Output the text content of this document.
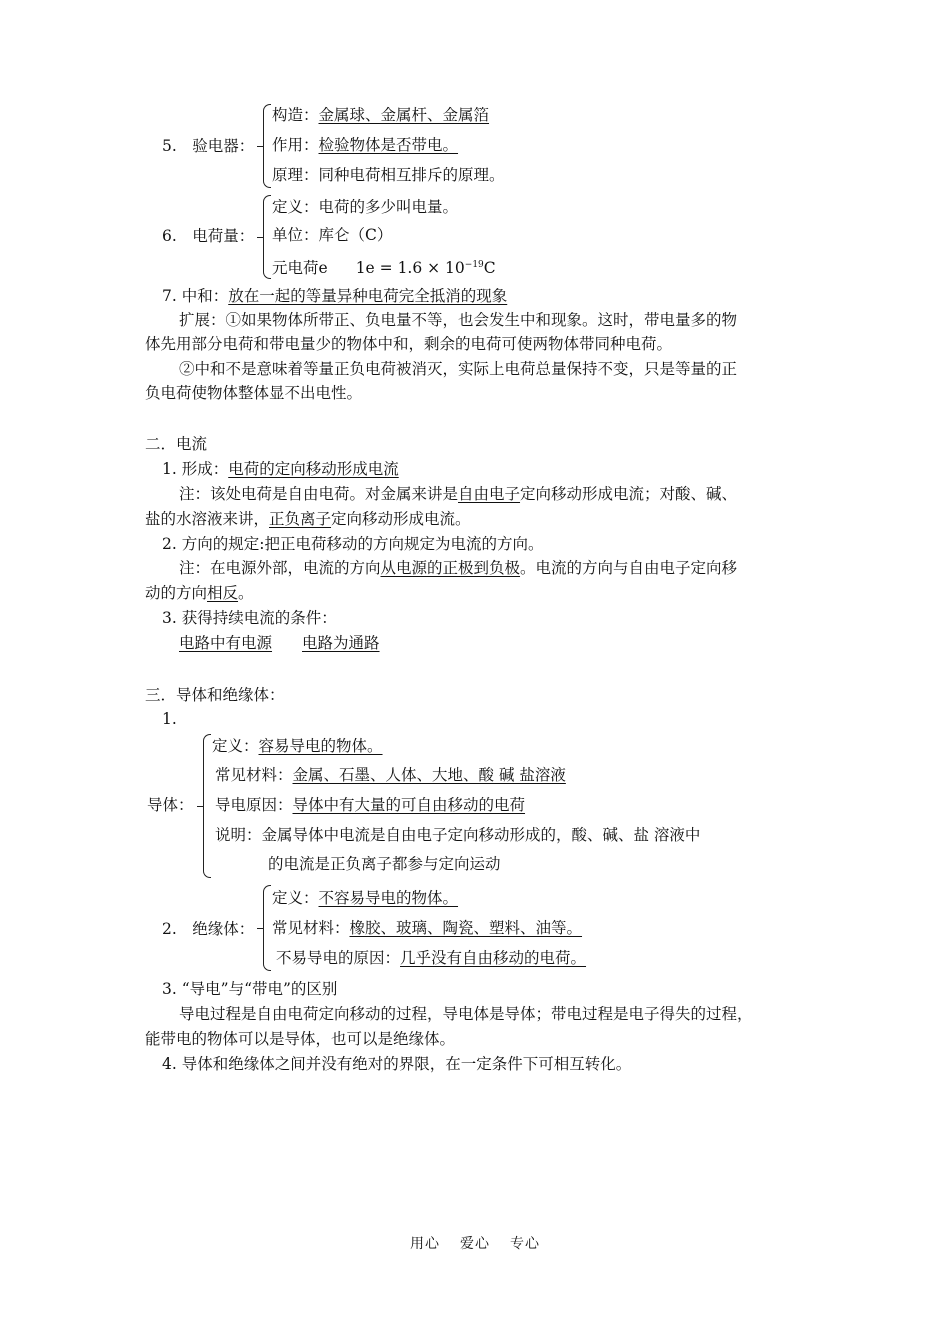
5.　验电器：
构造：金属球、金属杆、金属箔
作用：检验物体是否带电。
原理：同种电荷相互排斥的原理。
6.　电荷量：
定义：电荷的多少叫电量。
单位：库仑（C）
元电荷e $1e = 1.6 \times 10^{-19}C$
7. 中和：放在一起的等量异种电荷完全抵消的现象
扩展：①如果物体所带正、负电量不等，也会发生中和现象。这时，带电量多的物
体先用部分电荷和带电量少的物体中和，剩余的电荷可使两物体带同种电荷。
②中和不是意味着等量正负电荷被消灭，实际上电荷总量保持不变，只是等量的正
负电荷使物体整体显不出电性。
二．电流
1. 形成：电荷的定向移动形成电流
注：该处电荷是自由电荷。对金属来讲是自由电子定向移动形成电流；对酸、碱、
盐的水溶液来讲，正负离子定向移动形成电流。
2. 方向的规定:把正电荷移动的方向规定为电流的方向。
注：在电源外部，电流的方向从电源的正极到负极。电流的方向与自由电子定向移
动的方向相反。
3. 获得持续电流的条件：
电路中有电源 电路为通路
三．导体和绝缘体：
1.
导体：
定义：容易导电的物体。
常见材料：金属、石墨、人体、大地、酸 碱 盐溶液
导电原因：导体中有大量的可自由移动的电荷
说明：金属导体中电流是自由电子定向移动形成的，酸、碱、盐 溶液中
的电流是正负离子都参与定向运动
2.　绝缘体：
定义：不容易导电的物体。
常见材料：橡胶、玻璃、陶瓷、塑料、油等。
不易导电的原因：几乎没有自由移动的电荷。
3. “导电”与“带电”的区别
导电过程是自由电荷定向移动的过程，导电体是导体；带电过程是电子得失的过程，
能带电的物体可以是导体，也可以是绝缘体。
4. 导体和绝缘体之间并没有绝对的界限，在一定条件下可相互转化。
用心 爱心 专心
